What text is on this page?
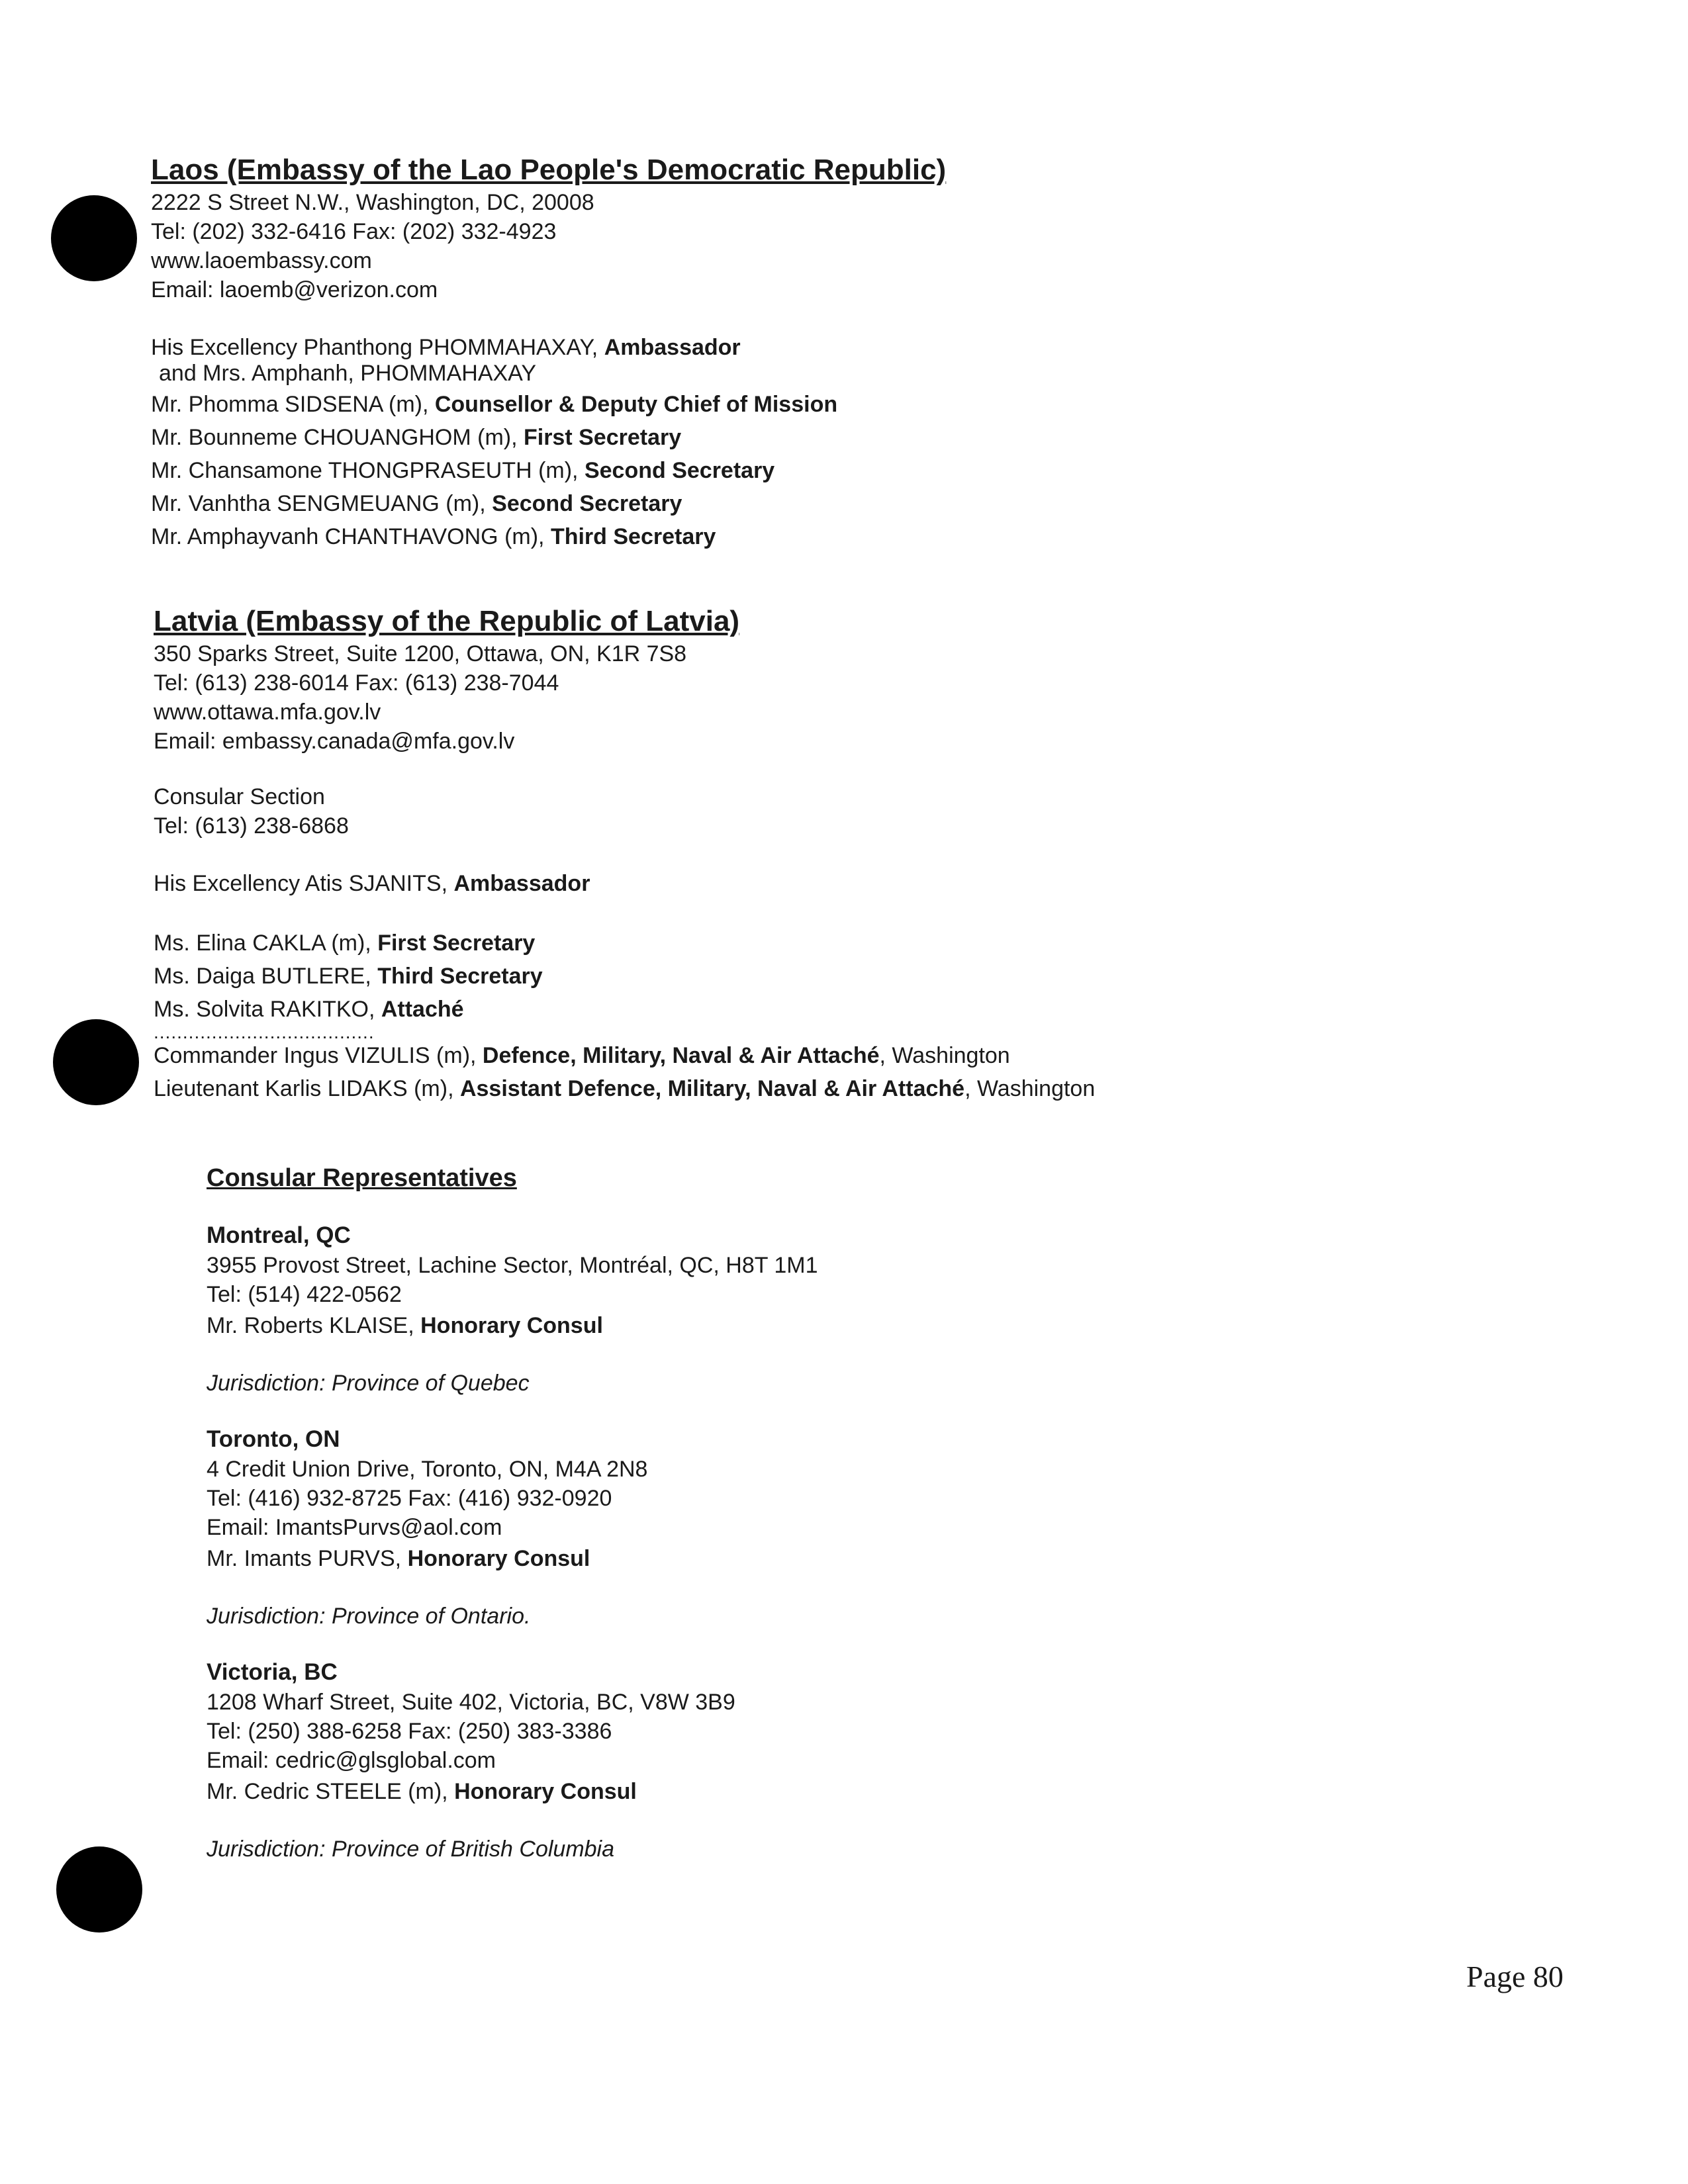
Laos (Embassy of the Lao People's Democratic Republic)
2222 S Street N.W., Washington, DC, 20008
Tel: (202) 332-6416 Fax: (202) 332-4923
www.laoembassy.com
Email: laoemb@verizon.com
His Excellency Phanthong PHOMMAHAXAY, Ambassador
and Mrs. Amphanh, PHOMMAHAXAY
Mr. Phomma SIDSENA (m), Counsellor & Deputy Chief of Mission
Mr. Bounneme CHOUANGHOM (m), First Secretary
Mr. Chansamone THONGPRASEUTH (m), Second Secretary
Mr. Vanhtha SENGMEUANG (m), Second Secretary
Mr. Amphayvanh CHANTHAVONG (m), Third Secretary
Latvia (Embassy of the Republic of Latvia)
350 Sparks Street, Suite 1200, Ottawa, ON, K1R 7S8
Tel: (613) 238-6014 Fax: (613) 238-7044
www.ottawa.mfa.gov.lv
Email: embassy.canada@mfa.gov.lv
Consular Section
Tel: (613) 238-6868
His Excellency Atis SJANITS, Ambassador
Ms. Elina CAKLA (m), First Secretary
Ms. Daiga BUTLERE, Third Secretary
Ms. Solvita RAKITKO, Attaché
......................................
Commander Ingus VIZULIS (m), Defence, Military, Naval & Air Attaché, Washington
Lieutenant Karlis LIDAKS (m), Assistant Defence, Military, Naval & Air Attaché, Washington
Consular Representatives
Montreal, QC
3955 Provost Street, Lachine Sector, Montréal, QC, H8T 1M1
Tel: (514) 422-0562
Mr. Roberts KLAISE, Honorary Consul
Jurisdiction: Province of Quebec
Toronto, ON
4 Credit Union Drive, Toronto, ON, M4A 2N8
Tel: (416) 932-8725 Fax: (416) 932-0920
Email: ImantsPurvs@aol.com
Mr. Imants PURVS, Honorary Consul
Jurisdiction: Province of Ontario.
Victoria, BC
1208 Wharf Street, Suite 402, Victoria, BC, V8W 3B9
Tel: (250) 388-6258 Fax: (250) 383-3386
Email: cedric@glsglobal.com
Mr. Cedric STEELE (m), Honorary Consul
Jurisdiction: Province of British Columbia
Page 80
